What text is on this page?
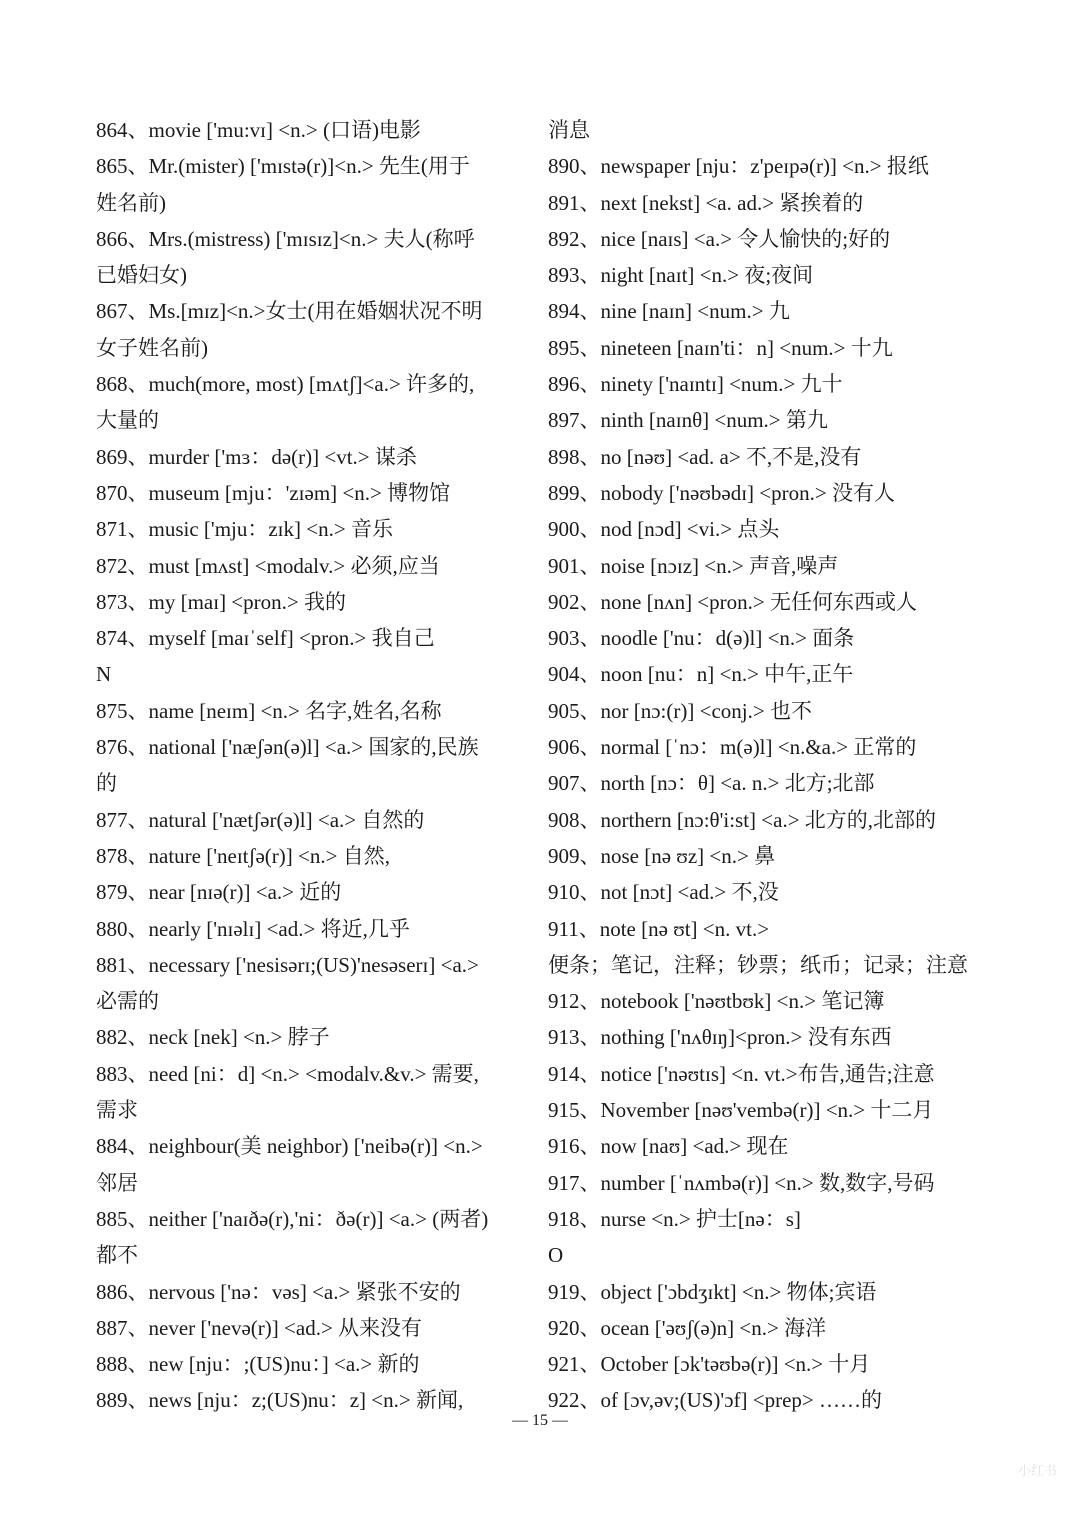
864、movie ['mu:vɪ] <n.> (口语)电影
865、Mr.(mister) ['mɪstə(r)]<n.> 先生(用于
姓名前)
866、Mrs.(mistress) ['mɪsɪz]<n.> 夫人(称呼
已婚妇女)
867、Ms.[mɪz]<n.>女士(用在婚姻状况不明
女子姓名前)
868、much(more, most) [mʌtʃ]<a.> 许多的,
大量的
869、murder ['mɜ：də(r)] <vt.> 谋杀
870、museum [mju：'zɪəm] <n.> 博物馆
871、music ['mju：zɪk] <n.> 音乐
872、must [mʌst] <modalv.> 必须,应当
873、my [maɪ] <pron.> 我的
874、myself [maɪˈself] <pron.> 我自己
N
875、name [neɪm] <n.> 名字,姓名,名称
876、national ['næʃən(ə)l] <a.> 国家的,民族
的
877、natural ['nætʃər(ə)l] <a.> 自然的
878、nature ['neɪtʃə(r)] <n.> 自然,
879、near [nɪə(r)] <a.> 近的
880、nearly ['nɪəlɪ] <ad.> 将近,几乎
881、necessary ['nesisərɪ;(US)'nesəserɪ] <a.>
必需的
882、neck [nek] <n.> 脖子
883、need [ni：d] <n.> <modalv.&v.> 需要,
需求
884、neighbour(美 neighbor) ['neibə(r)] <n.>
邻居
885、neither ['naɪðə(r),'ni：ðə(r)] <a.> (两者)
都不
886、nervous ['nə：vəs] <a.> 紧张不安的
887、never ['nevə(r)] <ad.> 从来没有
888、new [nju：;(US)nu：] <a.> 新的
889、news [nju：z;(US)nu：z] <n.> 新闻,
消息
890、newspaper [nju：z'peɪpə(r)] <n.> 报纸
891、next [nekst] <a. ad.> 紧挨着的
892、nice [naɪs] <a.> 令人愉快的;好的
893、night [naɪt] <n.> 夜;夜间
894、nine [naɪn] <num.> 九
895、nineteen [naɪn'ti：n] <num.> 十九
896、ninety ['naɪntɪ] <num.> 九十
897、ninth [naɪnθ] <num.> 第九
898、no [nəʊ] <ad. a> 不,不是,没有
899、nobody ['nəʊbədɪ] <pron.> 没有人
900、nod [nɔd] <vi.> 点头
901、noise [nɔɪz] <n.> 声音,噪声
902、none [nʌn] <pron.> 无任何东西或人
903、noodle ['nu：d(ə)l] <n.> 面条
904、noon [nu：n] <n.> 中午,正午
905、nor [nɔ:(r)] <conj.> 也不
906、normal [ˈnɔ：m(ə)l] <n.&a.> 正常的
907、north [nɔ：θ] <a. n.> 北方;北部
908、northern [nɔ:θ'i:st] <a.> 北方的,北部的
909、nose [nə ʊz] <n.> 鼻
910、not [nɔt] <ad.> 不,没
911、note [nə ʊt] <n. vt.>
便条；笔记，注释；钞票；纸币；记录；注意
912、notebook ['nəʊtbʊk] <n.> 笔记簿
913、nothing ['nʌθɪŋ]<pron.> 没有东西
914、notice ['nəʊtɪs] <n. vt.>布告,通告;注意
915、November [nəʊ'vembə(r)] <n.> 十二月
916、now [naʊ] <ad.> 现在
917、number [ˈnʌmbə(r)] <n.> 数,数字,号码
918、nurse <n.> 护士[nə：s]
O
919、object ['ɔbdʒɪkt] <n.> 物体;宾语
920、ocean ['əʊʃ(ə)n] <n.> 海洋
921、October [ɔk'təʊbə(r)] <n.> 十月
922、of [ɔv,əv;(US)'ɔf] <prep> ……的
— 15 —
小红书
